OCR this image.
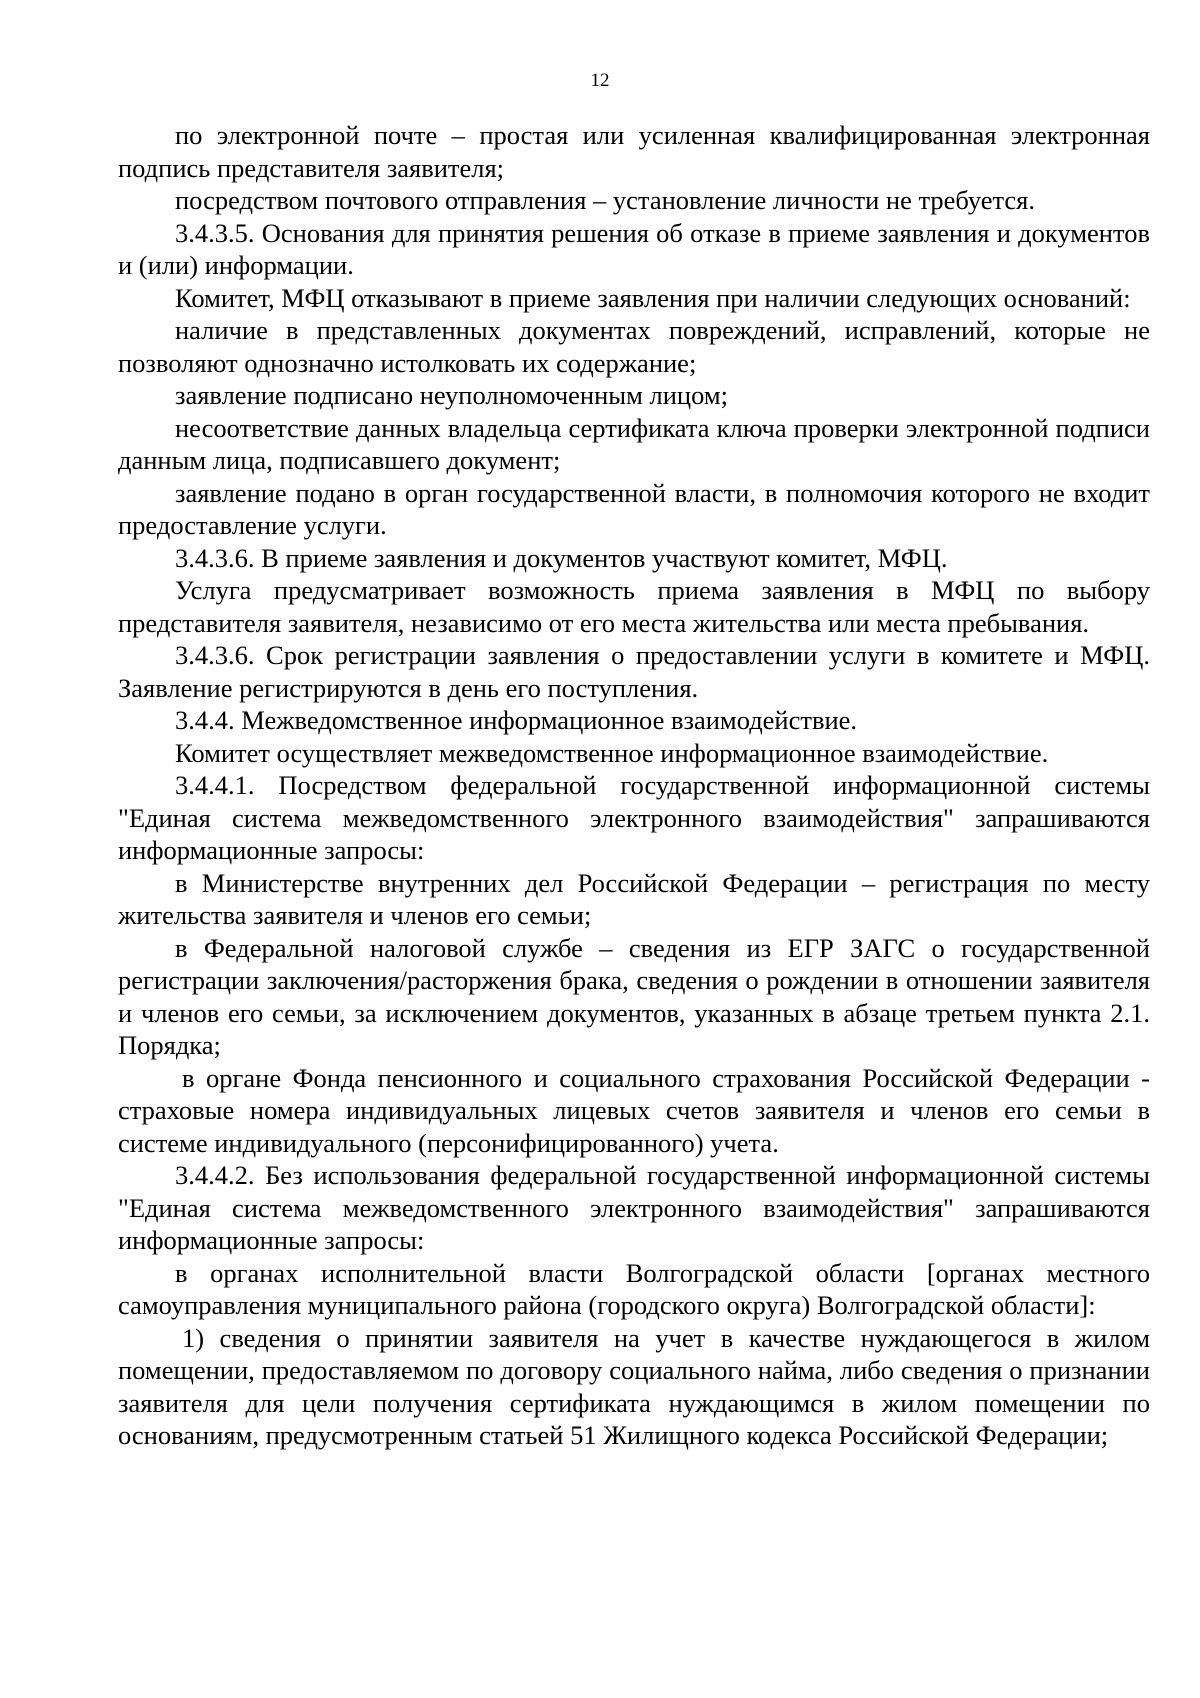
12

по электронной почте – простая или усиленная квалифицированная электронная подпись представителя заявителя;

посредством почтового отправления – установление личности не требуется.

3.4.3.5. Основания для принятия решения об отказе в приеме заявления и документов и (или) информации.

Комитет, МФЦ отказывают в приеме заявления при наличии следующих оснований:

наличие в представленных документах повреждений, исправлений, которые не позволяют однозначно истолковать их содержание;

заявление подписано неуполномоченным лицом;

несоответствие данных владельца сертификата ключа проверки электронной подписи данным лица, подписавшего документ;

заявление подано в орган государственной власти, в полномочия которого не входит предоставление услуги.

3.4.3.6. В приеме заявления и документов участвуют комитет, МФЦ.

Услуга предусматривает возможность приема заявления в МФЦ по выбору представителя заявителя, независимо от его места жительства или места пребывания.

3.4.3.6. Срок регистрации заявления о предоставлении услуги в комитете и МФЦ. Заявление регистрируются в день его поступления.

3.4.4. Межведомственное информационное взаимодействие.

Комитет осуществляет межведомственное информационное взаимодействие.

3.4.4.1. Посредством федеральной государственной информационной системы "Единая система межведомственного электронного взаимодействия" запрашиваются информационные запросы:

в Министерстве внутренних дел Российской Федерации – регистрация по месту жительства заявителя и членов его семьи;

в Федеральной налоговой службе – сведения из ЕГР ЗАГС о государственной регистрации заключения/расторжения брака, сведения о рождении в отношении заявителя и членов его семьи, за исключением документов, указанных в абзаце третьем пункта 2.1. Порядка;

в органе Фонда пенсионного и социального страхования Российской Федерации - страховые номера индивидуальных лицевых счетов заявителя и членов его семьи в системе индивидуального (персонифицированного) учета.

3.4.4.2. Без использования федеральной государственной информационной системы "Единая система межведомственного электронного взаимодействия" запрашиваются информационные запросы:

в органах исполнительной власти Волгоградской области [органах местного самоуправления муниципального района (городского округа) Волгоградской области]:

1) сведения о принятии заявителя на учет в качестве нуждающегося в жилом помещении, предоставляемом по договору социального найма, либо сведения о признании заявителя для цели получения сертификата нуждающимся в жилом помещении по основаниям, предусмотренным статьей 51 Жилищного кодекса Российской Федерации;
